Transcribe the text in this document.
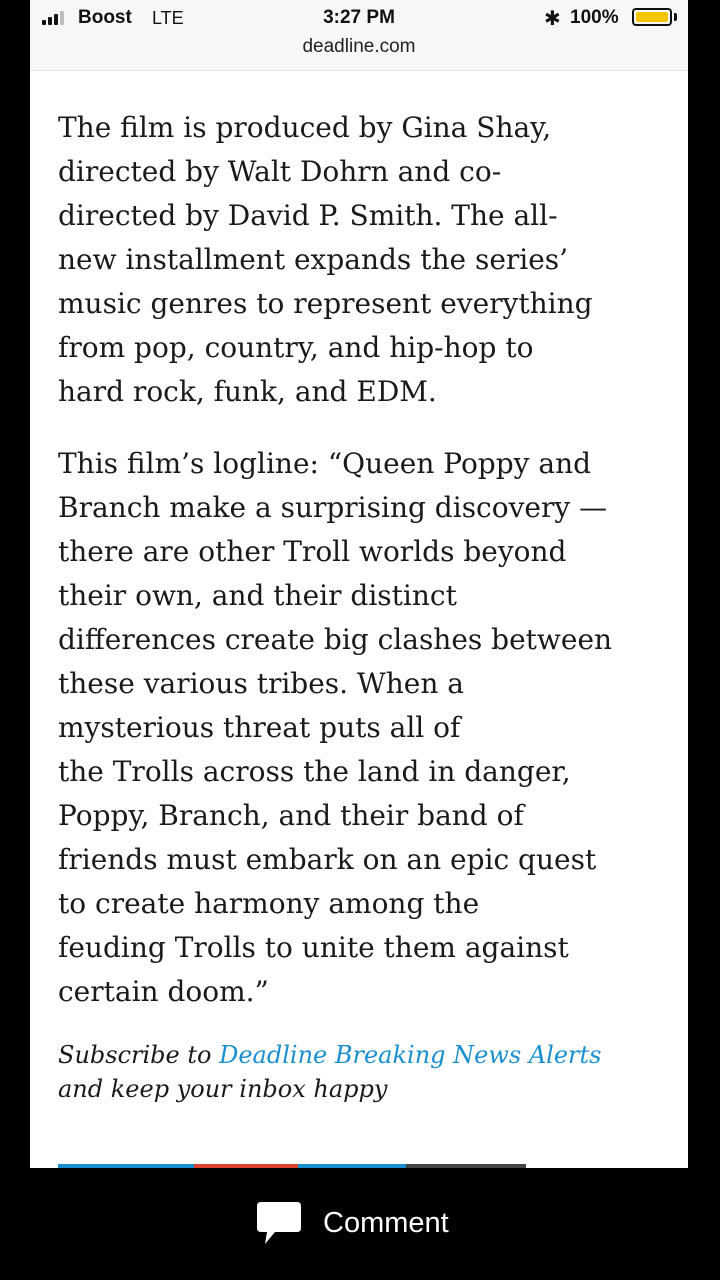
Boost LTE	3:27 PM
deadline.com
✱ 100%

The film is produced by Gina Shay,
directed by Walt Dohrn and co-
directed by David P. Smith. The all-
new installment expands the series’
music genres to represent everything
from pop, country, and hip-hop to
hard rock, funk, and EDM.

This film’s logline: “Queen Poppy and
Branch make a surprising discovery —
there are other Troll worlds beyond
their own, and their distinct
differences create big clashes between
these various tribes. When a
mysterious threat puts all of
the Trolls across the land in danger,
Poppy, Branch, and their band of
friends must embark on an epic quest
to create harmony among the
feuding Trolls to unite them against
certain doom.”

Subscribe to Deadline Breaking News Alerts
and keep your inbox happy
Comment
